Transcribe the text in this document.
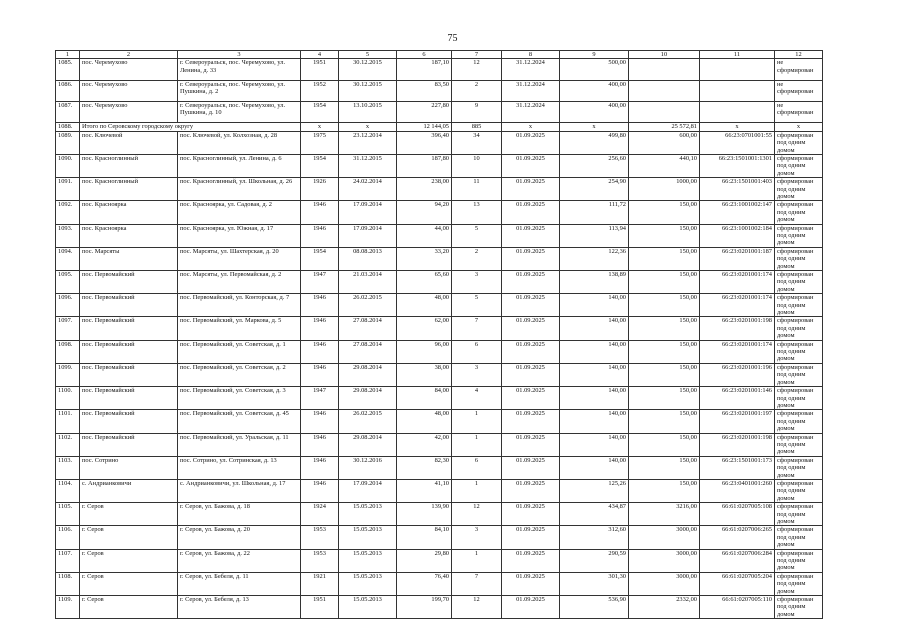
75
1	2	3	4	5	6	7	8	9	10	11	12
1085.	пос. Черемухово	г. Североуральск, пос. Черемухово, ул. Ленина, д. 33	1951	30.12.2015	187,10	12	31.12.2024	500,00			не сформирован
1086.	пос. Черемухово	г. Североуральск, пос. Черемухово, ул. Пушкина, д. 2	1952	30.12.2015	83,50	2	31.12.2024	400,00			не сформирован
1087.	пос. Черемухово	г. Североуральск, пос. Черемухово, ул. Пушкина, д. 10	1954	13.10.2015	227,80	9	31.12.2024	400,00			не сформирован
1088.	Итого по Серовскому городскому округу		x	x	12 144,05	885	x	x	25 572,81	x	x
1089.	пос. Ключевой	пос. Ключевой, ул. Колхозная, д. 28	1975	23.12.2014	396,40	34	01.09.2025	499,80	600,00	66:23:0701001:55	сформирован под одним домом
1090.	пос. Красноглинный	пос. Красноглинный, ул. Ленина, д. 6	1954	31.12.2015	187,80	10	01.09.2025	256,60	440,10	66:23:1501001:1301	сформирован под одним домом
1091.	пос. Красноглинный	пос. Красноглинный, ул. Школьная, д. 26	1926	24.02.2014	238,00	11	01.09.2025	254,90	1000,00	66:23:1501001:403	сформирован под одним домом
1092.	пос. Красноярка	пос. Красноярка, ул. Садовая, д. 2	1946	17.09.2014	94,20	13	01.09.2025	111,72	150,00	66:23:1001002:147	сформирован под одним домом
1093.	пос. Красноярка	пос. Красноярка, ул. Южная, д. 17	1946	17.09.2014	44,00	5	01.09.2025	113,94	150,00	66:23:1001002:184	сформирован под одним домом
1094.	пос. Марсяты	пос. Марсяты, ул. Шахтерская, д. 20	1954	08.08.2013	33,20	2	01.09.2025	122,36	150,00	66:23:0201001:187	сформирован под одним домом
1095.	пос. Первомайский	пос. Марсяты, ул. Первомайская, д. 2	1947	21.03.2014	65,60	3	01.09.2025	138,89	150,00	66:23:0201001:174	сформирован под одним домом
1096.	пос. Первомайский	пос. Первомайский, ул. Конторская, д. 7	1946	26.02.2015	48,00	5	01.09.2025	140,00	150,00	66:23:0201001:174	сформирован под одним домом
1097.	пос. Первомайский	пос. Первомайский, ул. Маркова, д. 5	1946	27.08.2014	62,00	7	01.09.2025	140,00	150,00	66:23:0201001:198	сформирован под одним домом
1098.	пос. Первомайский	пос. Первомайский, ул. Советская, д. 1	1946	27.08.2014	96,00	6	01.09.2025	140,00	150,00	66:23:0201001:174	сформирован под одним домом
1099.	пос. Первомайский	пос. Первомайский, ул. Советская, д. 2	1946	29.08.2014	38,00	3	01.09.2025	140,00	150,00	66:23:0201001:196	сформирован под одним домом
1100.	пос. Первомайский	пос. Первомайский, ул. Советская, д. 3	1947	29.08.2014	84,00	4	01.09.2025	140,00	150,00	66:23:0201001:146	сформирован под одним домом
1101.	пос. Первомайский	пос. Первомайский, ул. Советская, д. 45	1946	26.02.2015	48,00	1	01.09.2025	140,00	150,00	66:23:0201001:197	сформирован под одним домом
1102.	пос. Первомайский	пос. Первомайский, ул. Уральская, д. 11	1946	29.08.2014	42,00	1	01.09.2025	140,00	150,00	66:23:0201001:198	сформирован под одним домом
1103.	пос. Сотрино	пос. Сотрино, ул. Сотринская, д. 13	1946	30.12.2016	82,30	6	01.09.2025	140,00	150,00	66:23:1501001:173	сформирован под одним домом
1104.	с. Андрианковичи	с. Андрианковичи, ул. Школьная, д. 17	1946	17.09.2014	41,10	1	01.09.2025	125,26	150,00	66:23:0401001:260	сформирован под одним домом
1105.	г. Серов	г. Серов, ул. Бажова, д. 18	1924	15.05.2013	139,90	12	01.09.2025	434,87	3216,00	66:61:0207005:108	сформирован под одним домом
1106.	г. Серов	г. Серов, ул. Бажова, д. 20	1953	15.05.2013	84,10	3	01.09.2025	312,60	3000,00	66:61:0207006:265	сформирован под одним домом
1107.	г. Серов	г. Серов, ул. Бажова, д. 22	1953	15.05.2013	29,80	1	01.09.2025	290,59	3000,00	66:61:0207006:284	сформирован под одним домом
1108.	г. Серов	г. Серов, ул. Бебеля, д. 11	1921	15.05.2013	76,40	7	01.09.2025	301,30	3000,00	66:61:0207005:204	сформирован под одним домом
1109.	г. Серов	г. Серов, ул. Бебеля, д. 13	1951	15.05.2013	199,70	12	01.09.2025	536,90	2332,00	66:61:0207005:110	сформирован под одним домом
